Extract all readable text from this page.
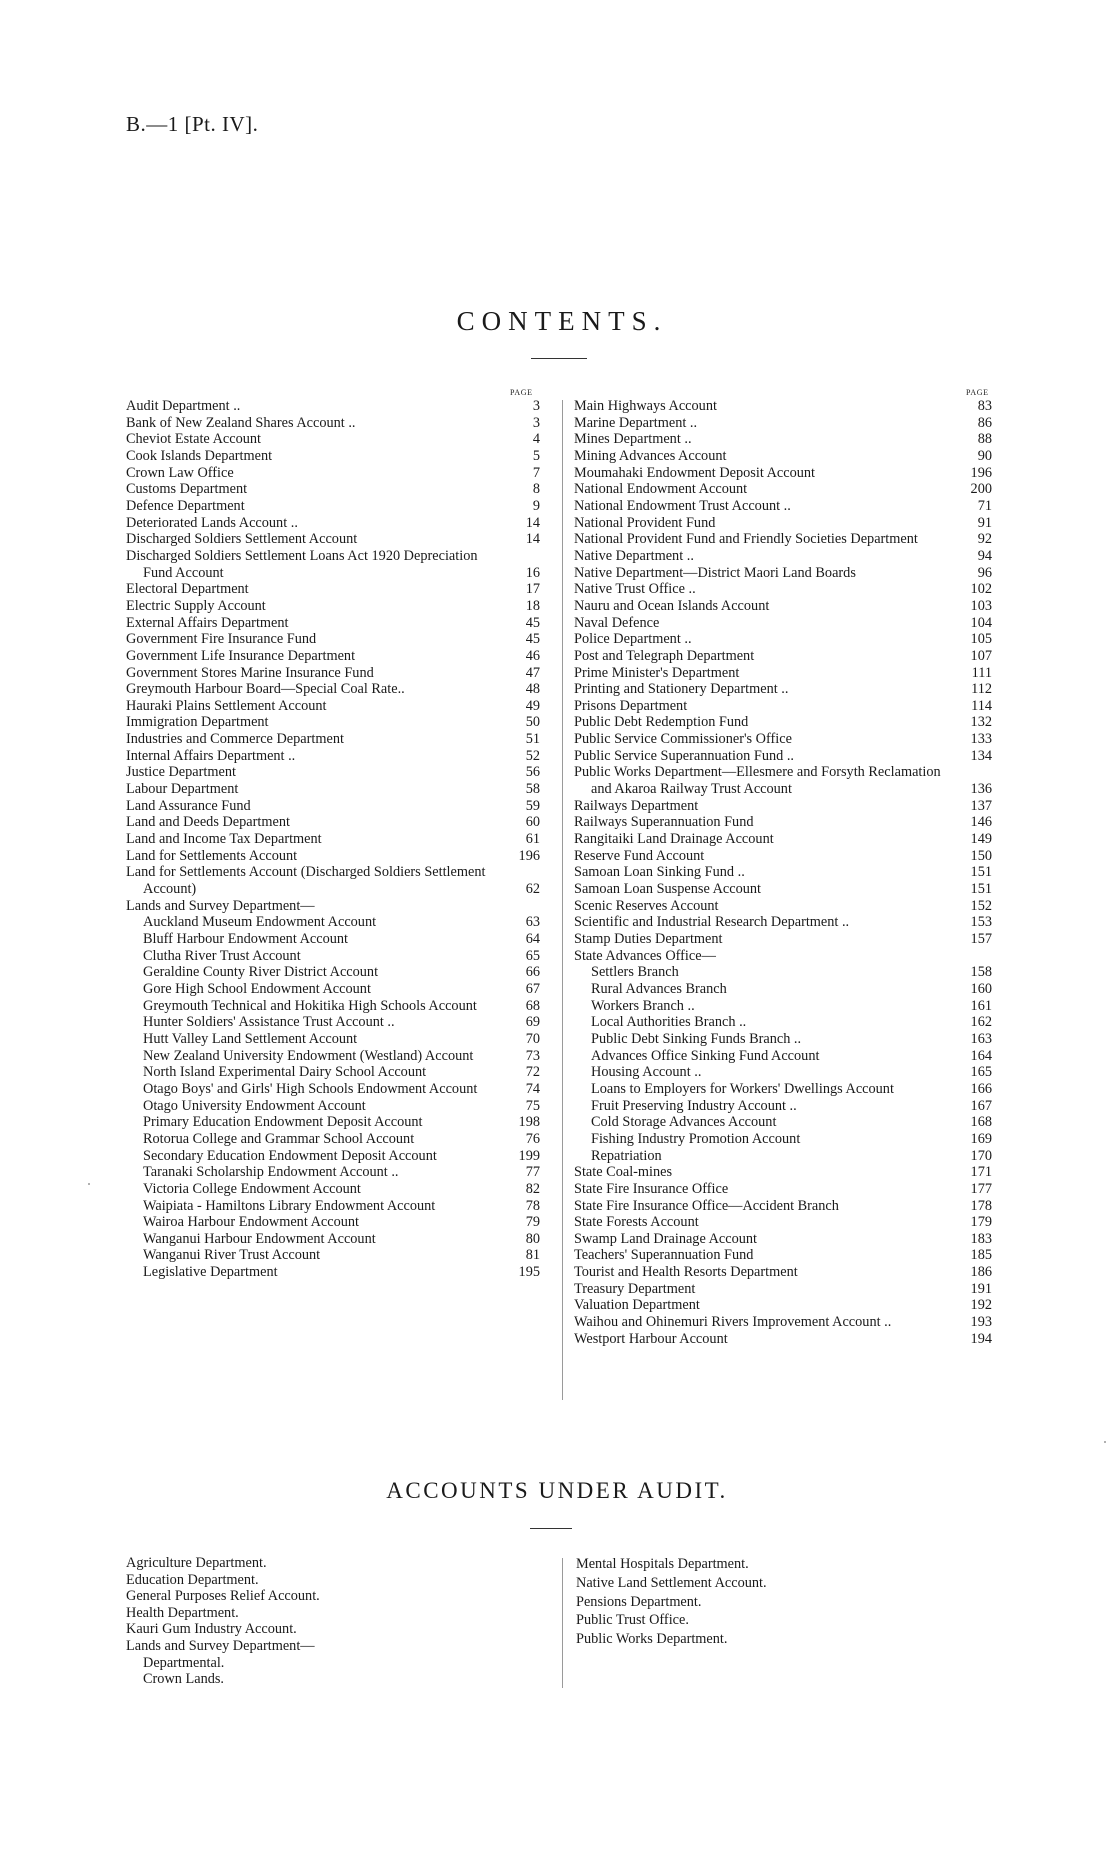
B.—1 [Pt. IV].
CONTENTS.
PAGE	PAGE
Audit Department ..	3
Bank of New Zealand Shares Account ..	3
Cheviot Estate Account	4
Cook Islands Department	5
Crown Law Office	7
Customs Department	8
Defence Department	9
Deteriorated Lands Account ..	14
Discharged Soldiers Settlement Account	14
Discharged Soldiers Settlement Loans Act 1920 Depreciation Fund Account	16
Electoral Department	17
Electric Supply Account	18
External Affairs Department	45
Government Fire Insurance Fund	45
Government Life Insurance Department	46
Government Stores Marine Insurance Fund	47
Greymouth Harbour Board—Special Coal Rate..	48
Hauraki Plains Settlement Account	49
Immigration Department	50
Industries and Commerce Department	51
Internal Affairs Department ..	52
Justice Department	56
Labour Department	58
Land Assurance Fund	59
Land and Deeds Department	60
Land and Income Tax Department	61
Land for Settlements Account	196
Land for Settlements Account (Discharged Soldiers Settlement Account)	62
Lands and Survey Department—
Auckland Museum Endowment Account	63
Bluff Harbour Endowment Account	64
Clutha River Trust Account	65
Geraldine County River District Account	66
Gore High School Endowment Account	67
Greymouth Technical and Hokitika High Schools Account	68
Hunter Soldiers' Assistance Trust Account ..	69
Hutt Valley Land Settlement Account	70
New Zealand University Endowment (Westland) Account	73
North Island Experimental Dairy School Account	72
Otago Boys' and Girls' High Schools Endowment Account	74
Otago University Endowment Account	75
Primary Education Endowment Deposit Account	198
Rotorua College and Grammar School Account	76
Secondary Education Endowment Deposit Account	199
Taranaki Scholarship Endowment Account ..	77
Victoria College Endowment Account	82
Waipiata - Hamiltons Library Endowment Account	78
Wairoa Harbour Endowment Account	79
Wanganui Harbour Endowment Account	80
Wanganui River Trust Account	81
Legislative Department	195
Main Highways Account	83
Marine Department ..	86
Mines Department ..	88
Mining Advances Account	90
Moumahaki Endowment Deposit Account	196
National Endowment Account	200
National Endowment Trust Account ..	71
National Provident Fund	91
National Provident Fund and Friendly Societies Department	92
Native Department ..	94
Native Department—District Maori Land Boards	96
Native Trust Office ..	102
Nauru and Ocean Islands Account	103
Naval Defence	104
Police Department ..	105
Post and Telegraph Department	107
Prime Minister's Department	111
Printing and Stationery Department ..	112
Prisons Department	114
Public Debt Redemption Fund	132
Public Service Commissioner's Office	133
Public Service Superannuation Fund ..	134
Public Works Department—Ellesmere and Forsyth Reclamation and Akaroa Railway Trust Account	136
Railways Department	137
Railways Superannuation Fund	146
Rangitaiki Land Drainage Account	149
Reserve Fund Account	150
Samoan Loan Sinking Fund ..	151
Samoan Loan Suspense Account	151
Scenic Reserves Account	152
Scientific and Industrial Research Department ..	153
Stamp Duties Department	157
State Advances Office—
Settlers Branch	158
Rural Advances Branch	160
Workers Branch ..	161
Local Authorities Branch ..	162
Public Debt Sinking Funds Branch ..	163
Advances Office Sinking Fund Account	164
Housing Account ..	165
Loans to Employers for Workers' Dwellings Account	166
Fruit Preserving Industry Account ..	167
Cold Storage Advances Account	168
Fishing Industry Promotion Account	169
Repatriation	170
State Coal-mines	171
State Fire Insurance Office	177
State Fire Insurance Office—Accident Branch	178
State Forests Account	179
Swamp Land Drainage Account	183
Teachers' Superannuation Fund	185
Tourist and Health Resorts Department	186
Treasury Department	191
Valuation Department	192
Waihou and Ohinemuri Rivers Improvement Account ..	193
Westport Harbour Account	194
ACCOUNTS UNDER AUDIT.
Agriculture Department.
Education Department.
General Purposes Relief Account.
Health Department.
Kauri Gum Industry Account.
Lands and Survey Department—
Departmental.
Crown Lands.
Mental Hospitals Department.
Native Land Settlement Account.
Pensions Department.
Public Trust Office.
Public Works Department.
